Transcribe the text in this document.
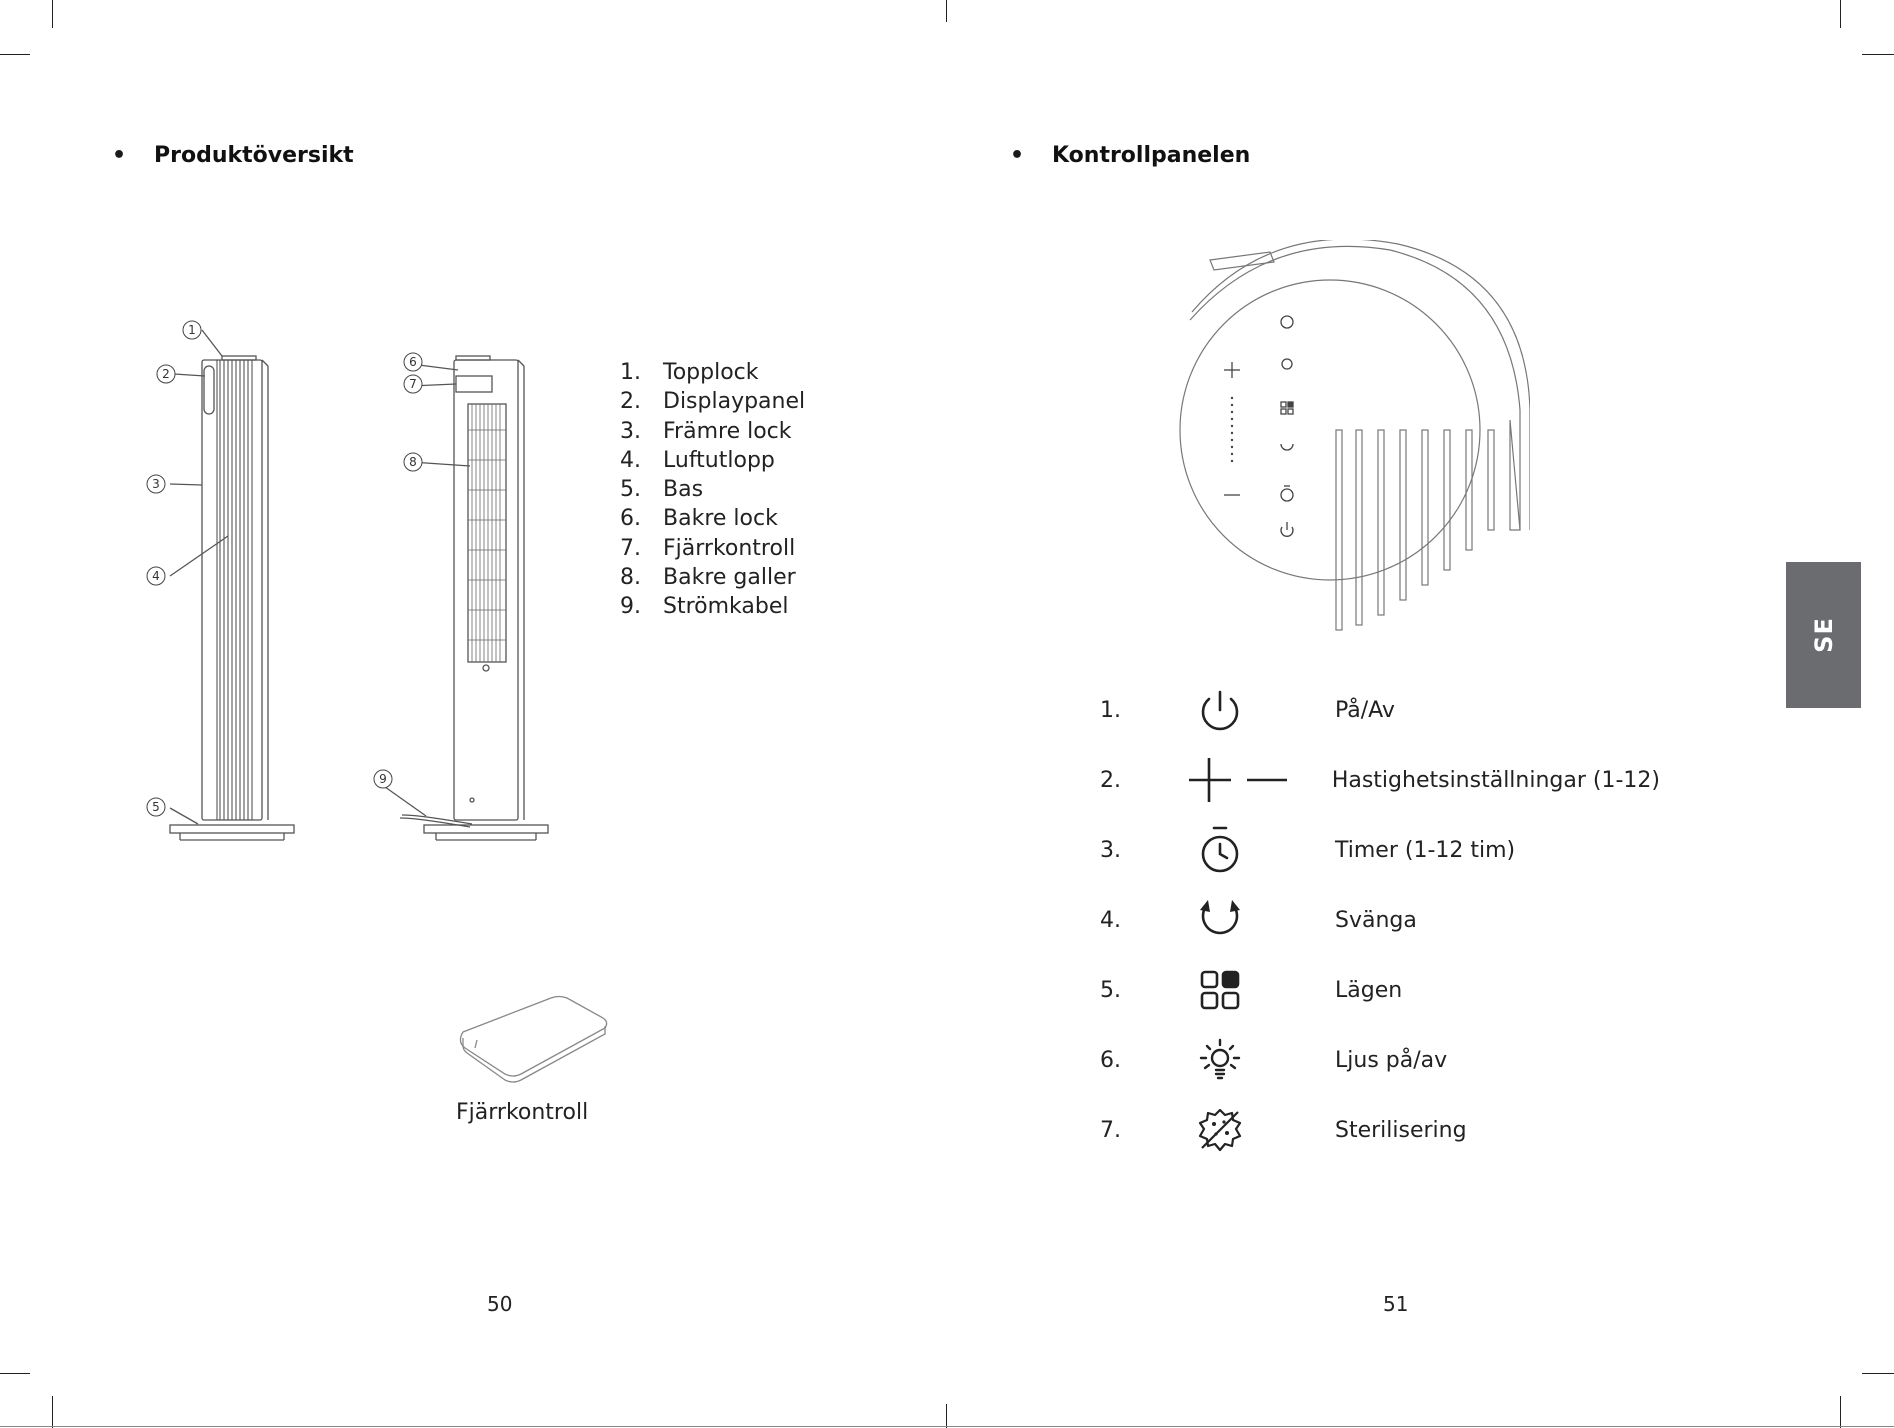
• Produktöversikt
1
2
3
4
5
6
7
8
9
1.	Topplock
2.	Displaypanel
3.	Främre lock
4.	Luftutlopp
5.	Bas
6.	Bakre lock
7.	Fjärrkontroll
8.	Bakre galler
9.	Strömkabel
Fjärrkontroll
50
• Kontrollpanelen
1.	På/Av
2.	Hastighetsinställningar (1-12)
3.	Timer (1-12 tim)
4.	Svänga
5.	Lägen
6.	Ljus på/av
7.	Sterilisering
51
SE
